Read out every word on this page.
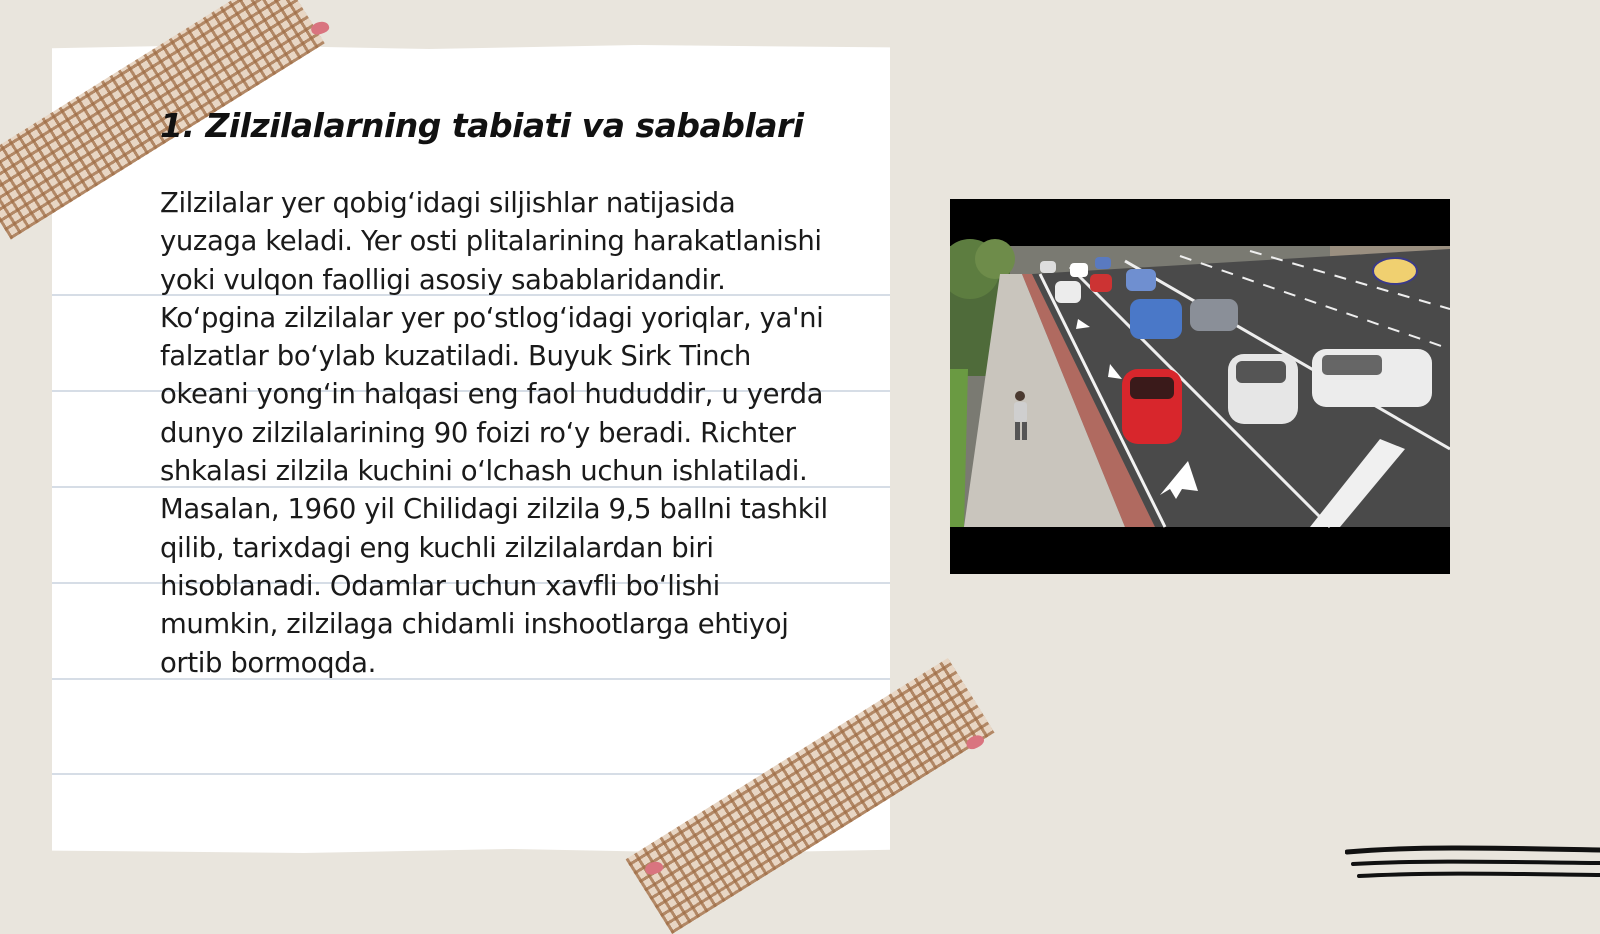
1. Zilzilalarning tabiati va sabablari

Zilzilalar yer qobig‘idagi siljishlar natijasida yuzaga keladi. Yer osti plitalarining harakatlanishi yoki vulqon faolligi asosiy sabablaridandir. Ko‘pgina zilzilalar yer po‘stlog‘idagi yoriqlar, ya'ni falzatlar bo‘ylab kuzatiladi. Buyuk Sirk Tinch okeani yong‘in halqasi eng faol hududdir, u yerda dunyo zilzilalarining 90 foizi ro‘y beradi. Richter shkalasi zilzila kuchini o‘lchash uchun ishlatiladi. Masalan, 1960 yil Chilidagi zilzila 9,5 ballni tashkil qilib, tarixdagi eng kuchli zilzilalardan biri hisoblanadi. Odamlar uchun xavfli bo‘lishi mumkin, zilzilaga chidamli inshootlarga ehtiyoj ortib bormoqda.
